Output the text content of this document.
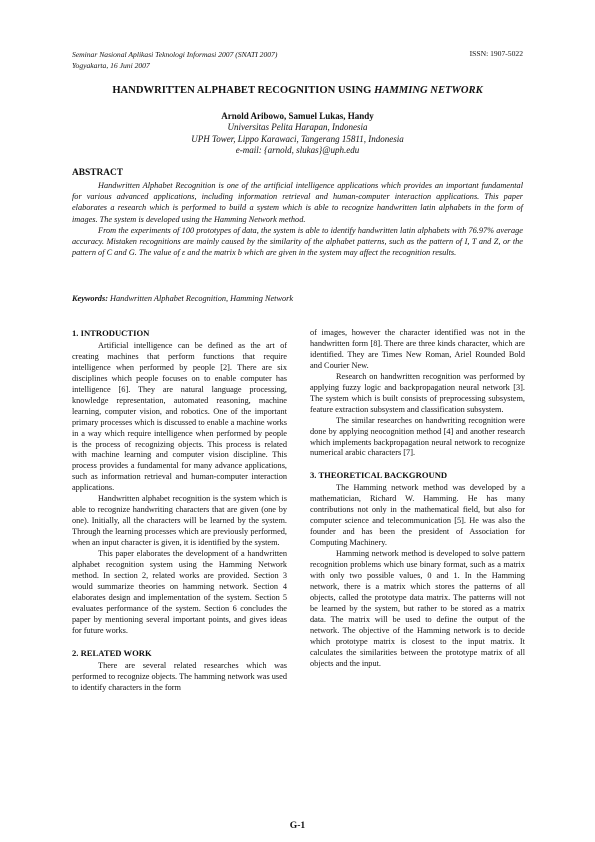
Seminar Nasional Aplikasi Teknologi Informasi 2007 (SNATI 2007)
Yogyakarta, 16 Juni 2007
ISSN: 1907-5022
HANDWRITTEN ALPHABET RECOGNITION USING HAMMING NETWORK
Arnold Aribowo, Samuel Lukas, Handy
Universitas Pelita Harapan, Indonesia
UPH Tower, Lippo Karawaci, Tangerang 15811, Indonesia
e-mail: {arnold, slukas}@uph.edu
ABSTRACT

Handwritten Alphabet Recognition is one of the artificial intelligence applications which provides an important fundamental for various advanced applications, including information retrieval and human-computer interaction applications. This paper elaborates a research which is performed to build a system which is able to recognize handwritten latin alphabets in the form of images. The system is developed using the Hamming Network method.

From the experiments of 100 prototypes of data, the system is able to identify handwritten latin alphabets with 76.97% average accuracy. Mistaken recognitions are mainly caused by the similarity of the alphabet patterns, such as the pattern of I, T and Z, or the pattern of C and G. The value of ε and the matrix b which are given in the system may affect the recognition results.

Keywords: Handwritten Alphabet Recognition, Hamming Network
1. INTRODUCTION

Artificial intelligence can be defined as the art of creating machines that perform functions that require intelligence when performed by people [2]. There are six disciplines which people focuses on to enable computer has intelligence [6]. They are natural language processing, knowledge representation, automated reasoning, machine learning, computer vision, and robotics. One of the important primary processes which is discussed to enable a machine works in a way which require intelligence when performed by people is the process of recognizing objects. This process is related with machine learning and computer vision discipline. This process provides a fundamental for many advance applications, such as information retrieval and human-computer interaction applications.

Handwritten alphabet recognition is the system which is able to recognize handwriting characters that are given (one by one). Initially, all the characters will be learned by the system. Through the learning processes which are previously performed, when an input character is given, it is identified by the system.

This paper elaborates the development of a handwritten alphabet recognition system using the Hamming Network method. In section 2, related works are provided. Section 3 would summarize theories on hamming network. Section 4 elaborates design and implementation of the system. Section 5 evaluates performance of the system. Section 6 concludes the paper by mentioning several important points, and gives ideas for future works.

2. RELATED WORK

There are several related researches which was performed to recognize objects. The hamming network was used to identify characters in the form

of images, however the character identified was not in the handwritten form [8]. There are three kinds character, which are identified. They are Times New Roman, Ariel Rounded Bold and Courier New.

Research on handwritten recognition was performed by applying fuzzy logic and backpropagation neural network [3]. The system which is built consists of preprocessing subsystem, feature extraction subsystem and classification subsystem.

The similar researches on handwriting recognition were done by applying neocognition method [4] and another research which implements backpropagation neural network to recognize numerical arabic characters [7].

3. THEORETICAL BACKGROUND

The Hamming network method was developed by a mathematician, Richard W. Hamming. He has many contributions not only in the mathematical field, but also for computer science and telecommunication [5]. He was also the founder and has been the president of Association for Computing Machinery.

Hamming network method is developed to solve pattern recognition problems which use binary format, such as a matrix with only two possible values, 0 and 1. In the Hamming network, there is a matrix which stores the patterns of all objects, called the prototype data matrix. The patterns will not be learned by the system, but rather to be stored as a matrix data. The matrix will be used to define the output of the network. The objective of the Hamming network is to decide which prototype matrix is closest to the input matrix. It calculates the similarities between the prototype matrix of all objects and the input.

G-1
